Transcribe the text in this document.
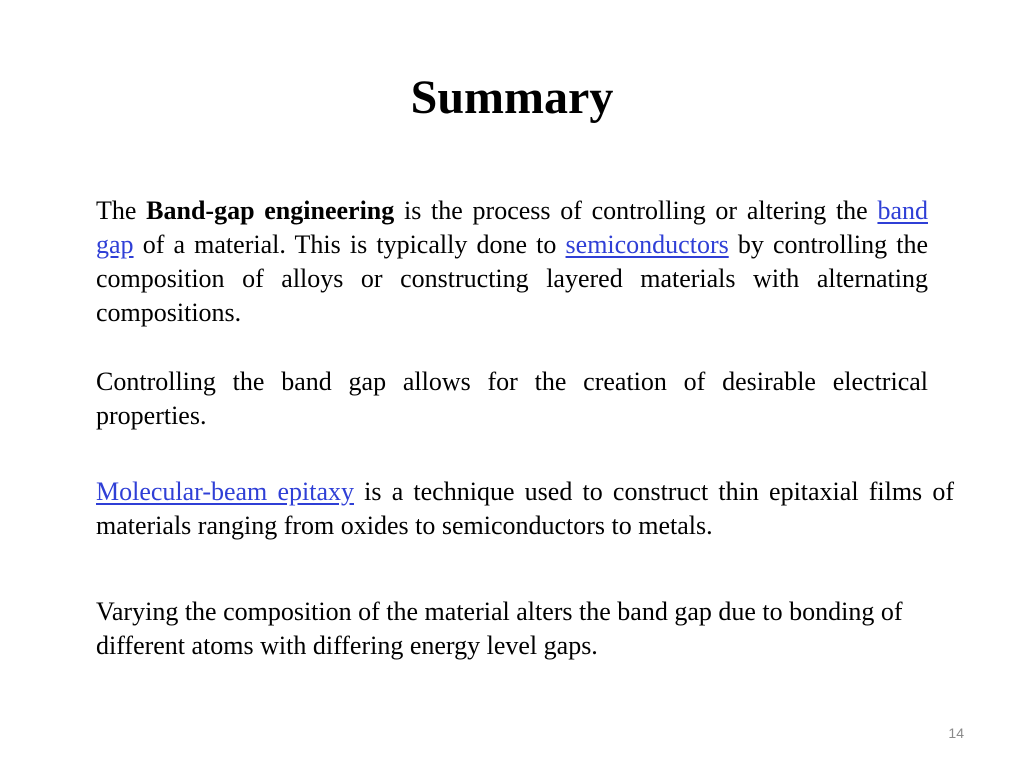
Summary

The Band-gap engineering is the process of controlling or altering the band gap of a material. This is typically done to semiconductors by controlling the composition of alloys or constructing layered materials with alternating compositions.

Controlling the band gap allows for the creation of desirable electrical properties.

Molecular-beam epitaxy is a technique used to construct thin epitaxial films of materials ranging from oxides to semiconductors to metals.

Varying the composition of the material alters the band gap due to bonding of different atoms with differing energy level gaps.

14
